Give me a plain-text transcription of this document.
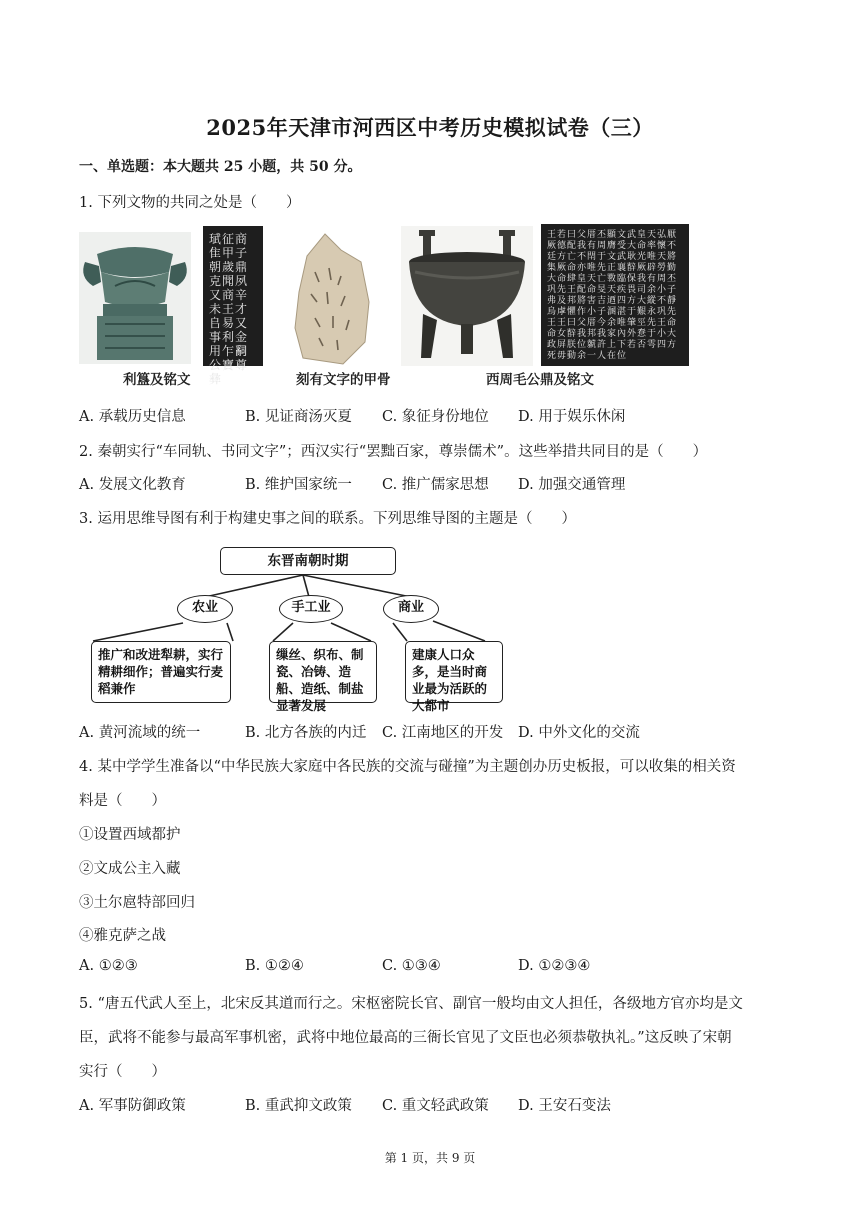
2025年天津市河西区中考历史模拟试卷（三）
一、单选题：本大题共 25 小题，共 50 分。
1. 下列文物的共同之处是（　　）
珷征商隹甲子朝歲鼎克聞夙又商辛未王才𠂤易又事利金用乍𤔲公寶尊彝
王若曰父厝丕顯文武皇天弘厭厥德配我有周膺受大命率懷不廷方亡不閈于文武耿光唯天將集厥命亦唯先正襄辥厥辟勞勤大命肆皇天亡斁臨保我有周丕巩先王配命旻天疾畏司余小子弗及邦將害吉迺四方大縱不靜烏虖懼作小子溷湛于艱永巩先王王曰父厝今余唯肇巠先王命命女辥我邦我家內外惷于小大政屏朕位虩許上下若否雩四方死毋動余一人在位
利簋及铭文	刻有文字的甲骨	西周毛公鼎及铭文
A. 承载历史信息	B. 见证商汤灭夏 C. 象征身份地位 D. 用于娱乐休闲
2. 秦朝实行“车同轨、书同文字”；西汉实行“罢黜百家，尊崇儒术”。这些举措共同目的是（　　）
A. 发展文化教育	B. 维护国家统一 C. 推广儒家思想 D. 加强交通管理
3. 运用思维导图有利于构建史事之间的联系。下列思维导图的主题是（　　）
东晋南朝时期
农业	手工业	商业
推广和改进犁耕，实行精耕细作；普遍实行麦稻兼作
缫丝、织布、制瓷、冶铸、造船、造纸、制盐显著发展
建康人口众多，是当时商业最为活跃的大都市
A. 黄河流域的统一	B. 北方各族的内迁 C. 江南地区的开发 D. 中外文化的交流
4. 某中学学生准备以“中华民族大家庭中各民族的交流与碰撞”为主题创办历史板报，可以收集的相关资
料是（　　）
①设置西域都护
②文成公主入藏
③土尔扈特部回归
④雅克萨之战
A. ①②③	B. ①②④	C. ①③④	D. ①②③④
5. “唐五代武人至上，北宋反其道而行之。宋枢密院长官、副官一般均由文人担任，各级地方官亦均是文
臣，武将不能参与最高军事机密，武将中地位最高的三衙长官见了文臣也必须恭敬执礼。”这反映了宋朝
实行（　　）
A. 军事防御政策	B. 重武抑文政策 C. 重文轻武政策 D. 王安石变法
第 1 页，共 9 页
